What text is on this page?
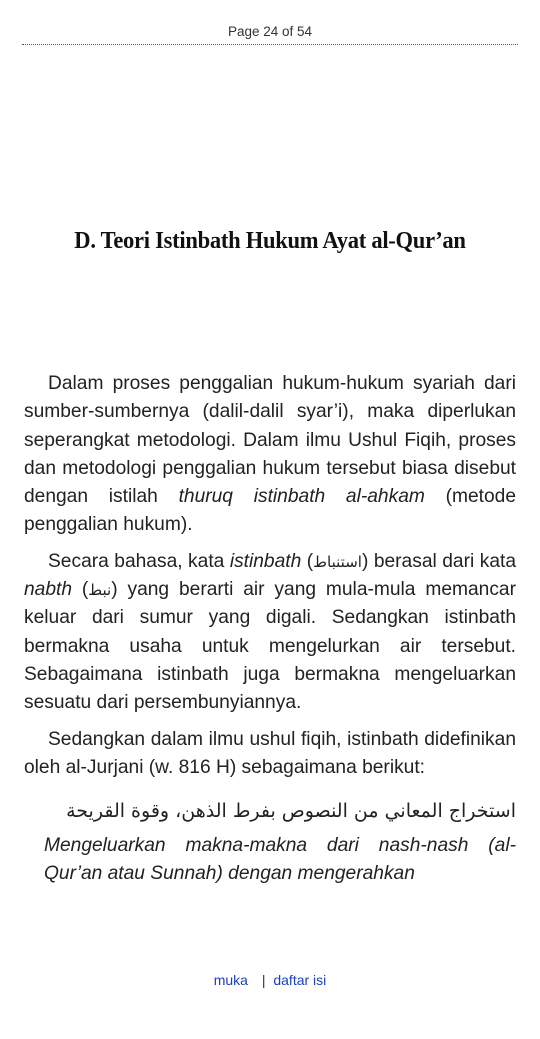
Page 24 of 54
D. Teori Istinbath Hukum Ayat al-Qur’an

Dalam proses penggalian hukum-hukum syariah dari sumber-sumbernya (dalil-dalil syar’i), maka diperlukan seperangkat metodologi. Dalam ilmu Ushul Fiqih, proses dan metodologi penggalian hukum tersebut biasa disebut dengan istilah thuruq istinbath al-ahkam (metode penggalian hukum).

Secara bahasa, kata istinbath (استنباط) berasal dari kata nabth (نبط) yang berarti air yang mula-mula memancar keluar dari sumur yang digali. Sedangkan istinbath bermakna usaha untuk mengelurkan air tersebut. Sebagaimana istinbath juga bermakna mengeluarkan sesuatu dari persembunyiannya.

Sedangkan dalam ilmu ushul fiqih, istinbath didefinikan oleh al-Jurjani (w. 816 H) sebagaimana berikut:

استخراج المعاني من النصوص بفرط الذهن، وقوة القريحة

Mengeluarkan makna-makna dari nash-nash (al-Qur’an atau Sunnah) dengan mengerahkan

muka | daftar isi
